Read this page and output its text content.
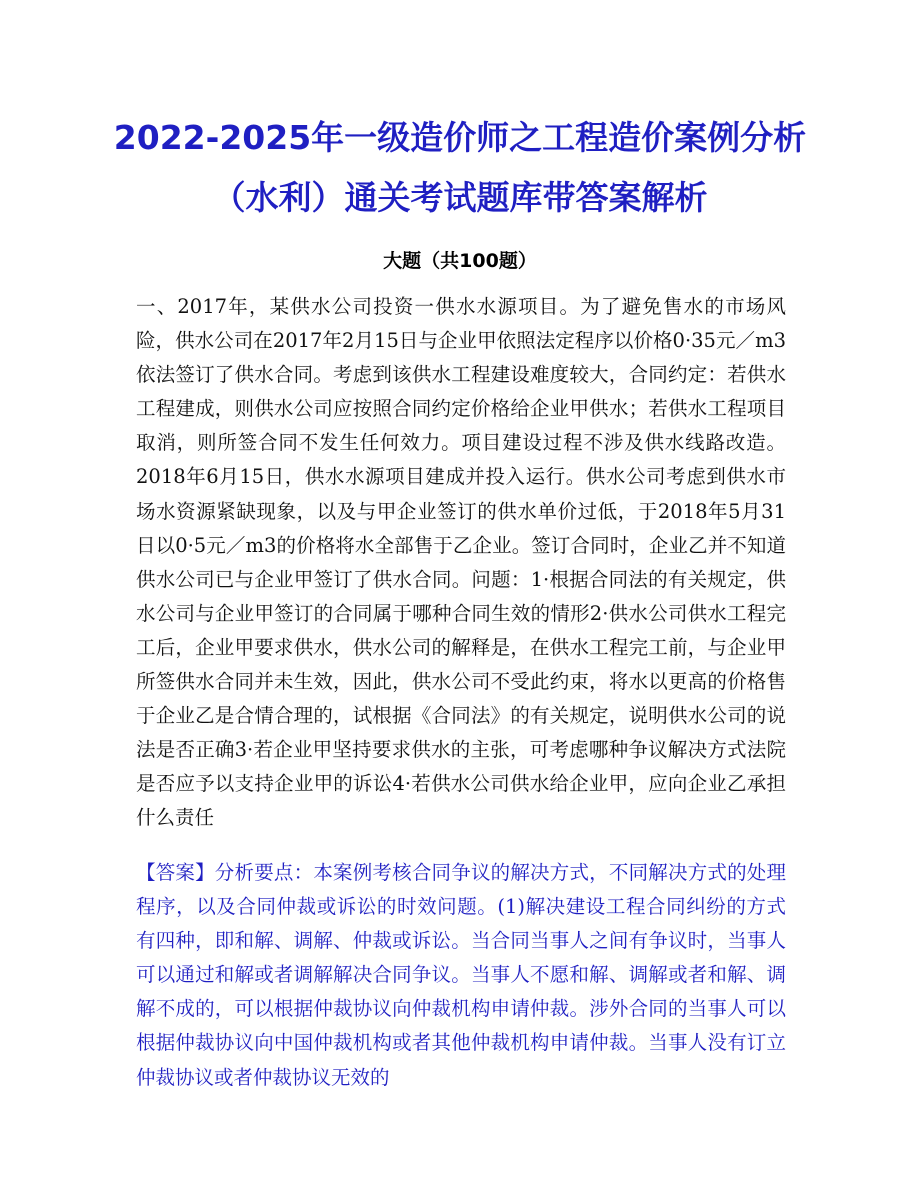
2022-2025年一级造价师之工程造价案例分析（水利）通关考试题库带答案解析
大题（共100题）

一、2017年，某供水公司投资一供水水源项目。为了避免售水的市场风险，供水公司在2017年2月15日与企业甲依照法定程序以价格0·35元／m3依法签订了供水合同。考虑到该供水工程建设难度较大，合同约定：若供水工程建成，则供水公司应按照合同约定价格给企业甲供水；若供水工程项目取消，则所签合同不发生任何效力。项目建设过程不涉及供水线路改造。2018年6月15日，供水水源项目建成并投入运行。供水公司考虑到供水市场水资源紧缺现象，以及与甲企业签订的供水单价过低，于2018年5月31日以0·5元／m3的价格将水全部售于乙企业。签订合同时，企业乙并不知道供水公司已与企业甲签订了供水合同。问题：1·根据合同法的有关规定，供水公司与企业甲签订的合同属于哪种合同生效的情形2·供水公司供水工程完工后，企业甲要求供水，供水公司的解释是，在供水工程完工前，与企业甲所签供水合同并未生效，因此，供水公司不受此约束，将水以更高的价格售于企业乙是合情合理的，试根据《合同法》的有关规定，说明供水公司的说法是否正确3·若企业甲坚持要求供水的主张，可考虑哪种争议解决方式法院是否应予以支持企业甲的诉讼4·若供水公司供水给企业甲，应向企业乙承担什么责任

【答案】分析要点：本案例考核合同争议的解决方式，不同解决方式的处理程序，以及合同仲裁或诉讼的时效问题。(1)解决建设工程合同纠纷的方式有四种，即和解、调解、仲裁或诉讼。当合同当事人之间有争议时，当事人可以通过和解或者调解解决合同争议。当事人不愿和解、调解或者和解、调解不成的，可以根据仲裁协议向仲裁机构申请仲裁。涉外合同的当事人可以根据仲裁协议向中国仲裁机构或者其他仲裁机构申请仲裁。当事人没有订立仲裁协议或者仲裁协议无效的
